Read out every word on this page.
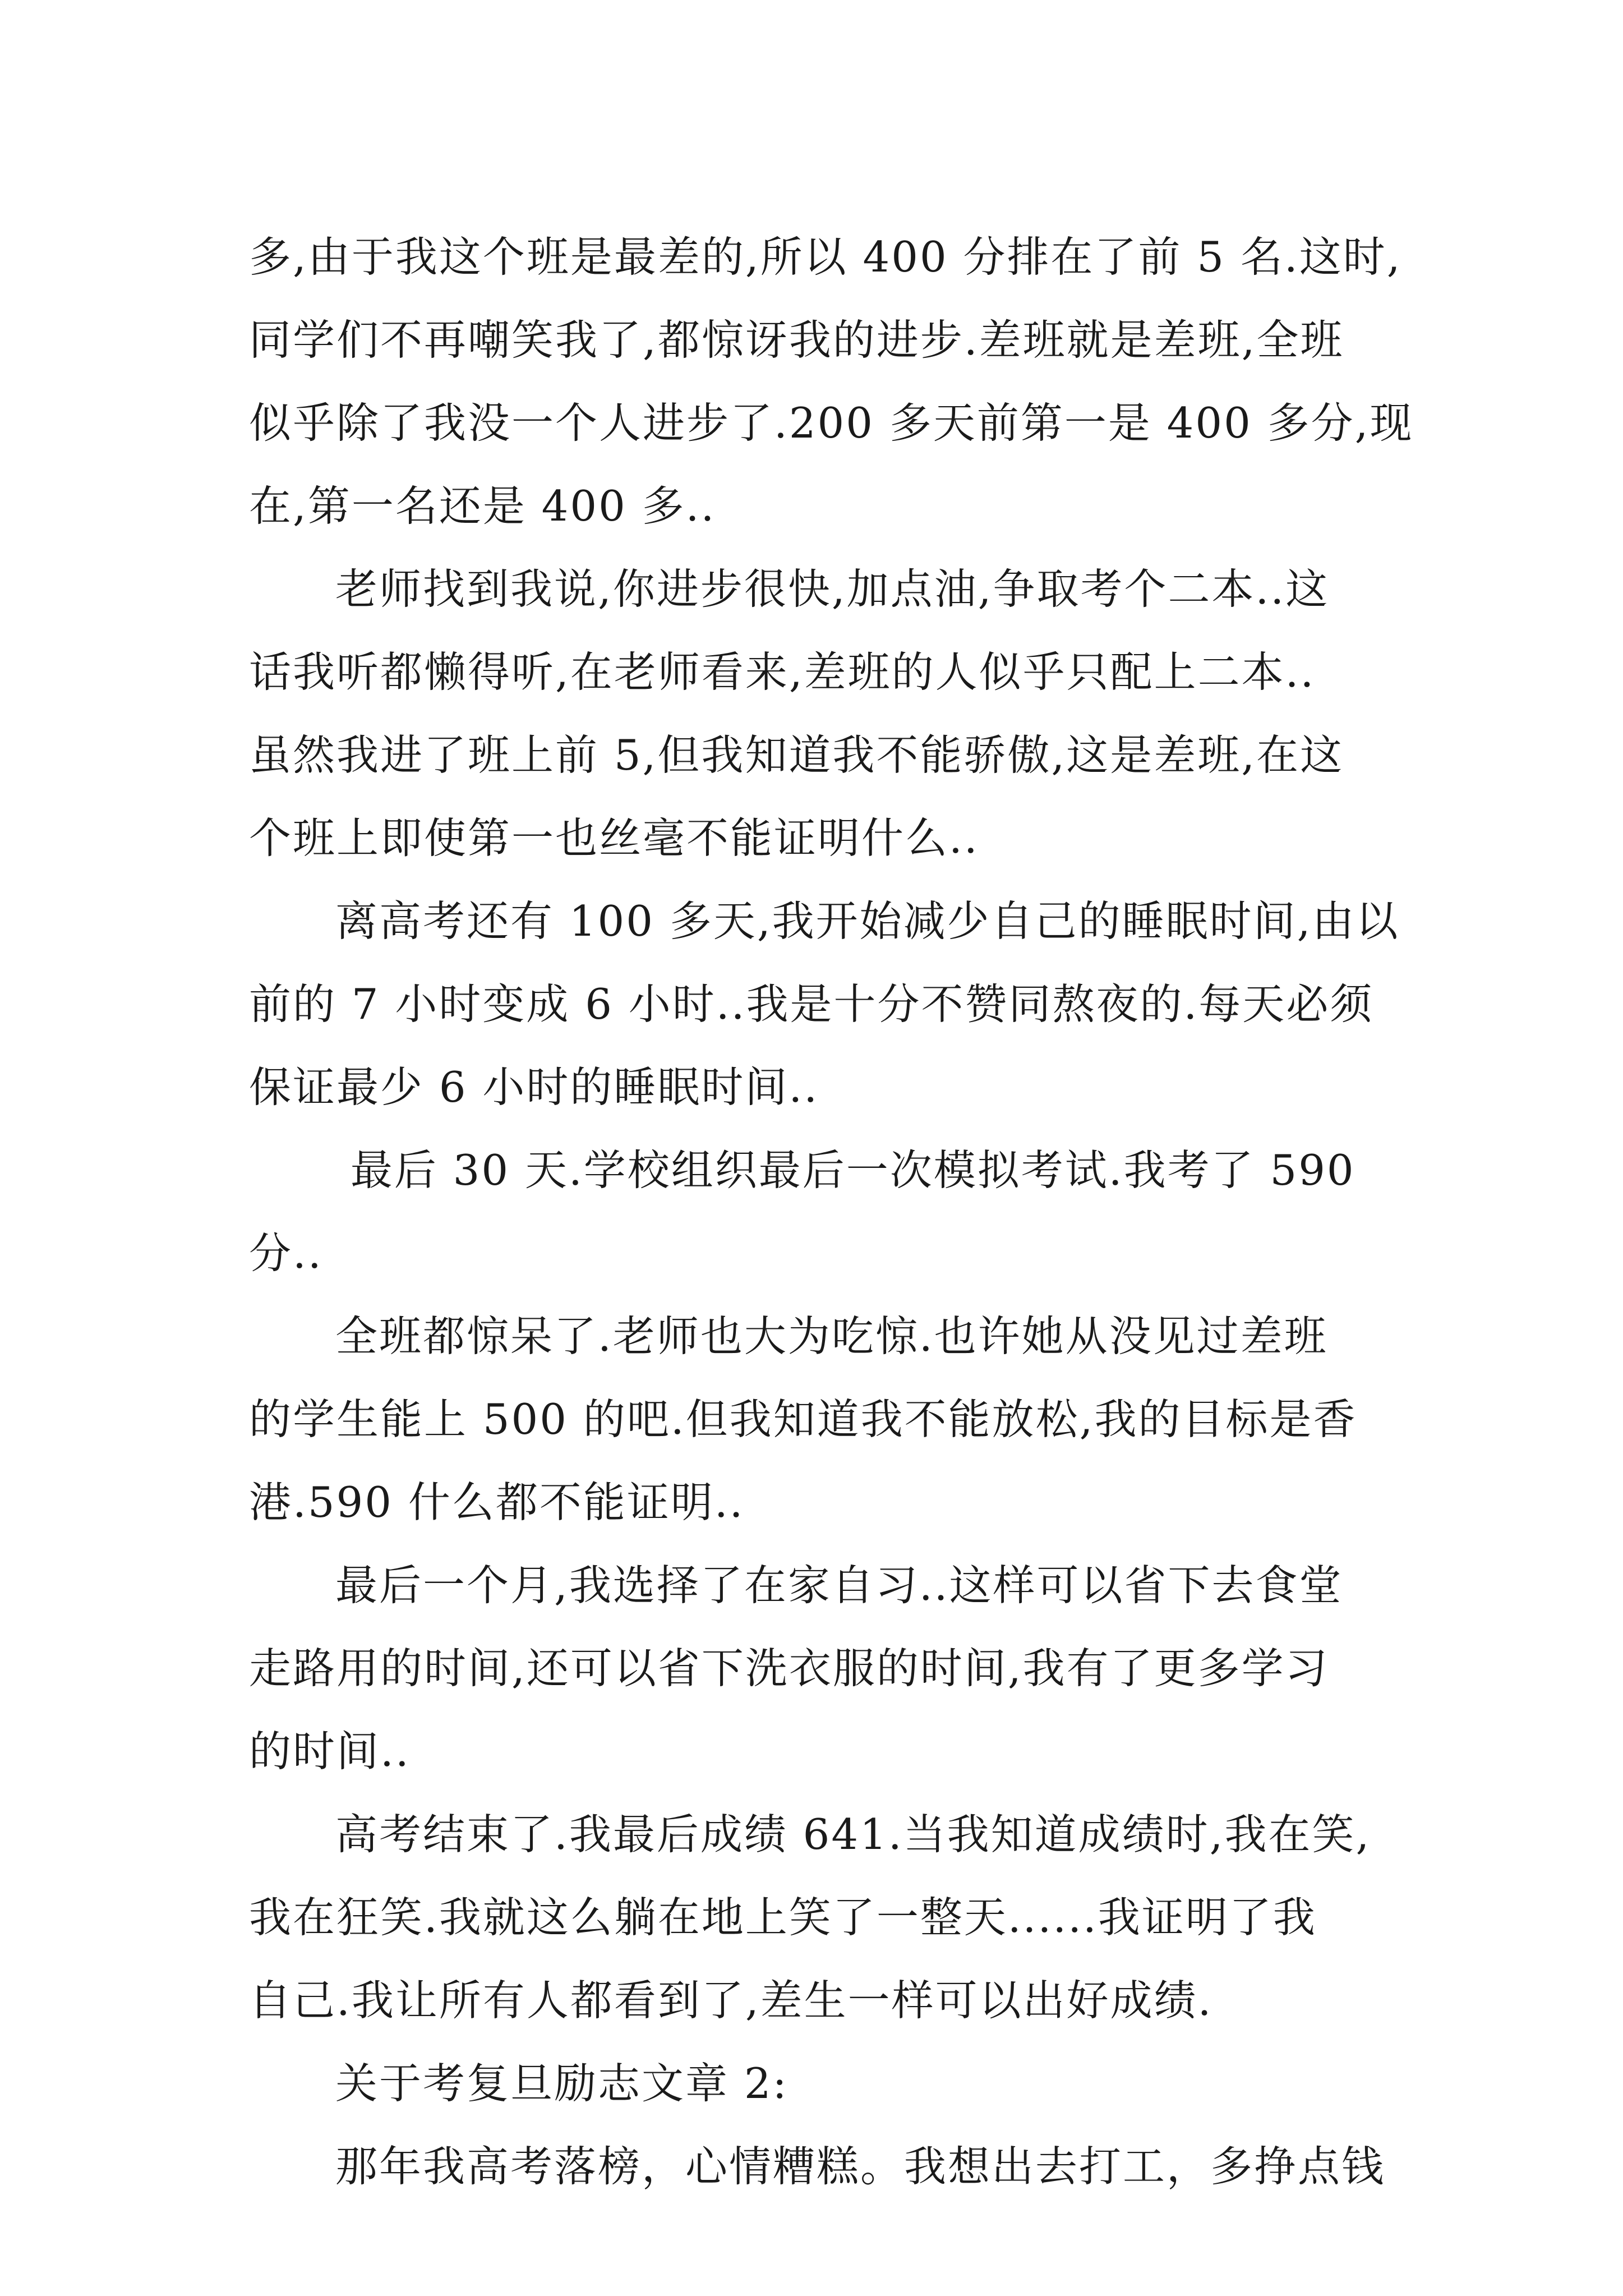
多,由于我这个班是最差的,所以 400 分排在了前 5 名.这时,
同学们不再嘲笑我了,都惊讶我的进步.差班就是差班,全班
似乎除了我没一个人进步了.200 多天前第一是 400 多分,现
在,第一名还是 400 多..
老师找到我说,你进步很快,加点油,争取考个二本..这
话我听都懒得听,在老师看来,差班的人似乎只配上二本..
虽然我进了班上前 5,但我知道我不能骄傲,这是差班,在这
个班上即使第一也丝毫不能证明什么..
离高考还有 100 多天,我开始减少自己的睡眠时间,由以
前的 7 小时变成 6 小时..我是十分不赞同熬夜的.每天必须
保证最少 6 小时的睡眠时间..
最后 30 天.学校组织最后一次模拟考试.我考了 590
分..
全班都惊呆了.老师也大为吃惊.也许她从没见过差班
的学生能上 500 的吧.但我知道我不能放松,我的目标是香
港.590 什么都不能证明..
最后一个月,我选择了在家自习..这样可以省下去食堂
走路用的时间,还可以省下洗衣服的时间,我有了更多学习
的时间..
高考结束了.我最后成绩 641.当我知道成绩时,我在笑,
我在狂笑.我就这么躺在地上笑了一整天......我证明了我
自己.我让所有人都看到了,差生一样可以出好成绩.
关于考复旦励志文章 2:
那年我高考落榜，心情糟糕。我想出去打工，多挣点钱
